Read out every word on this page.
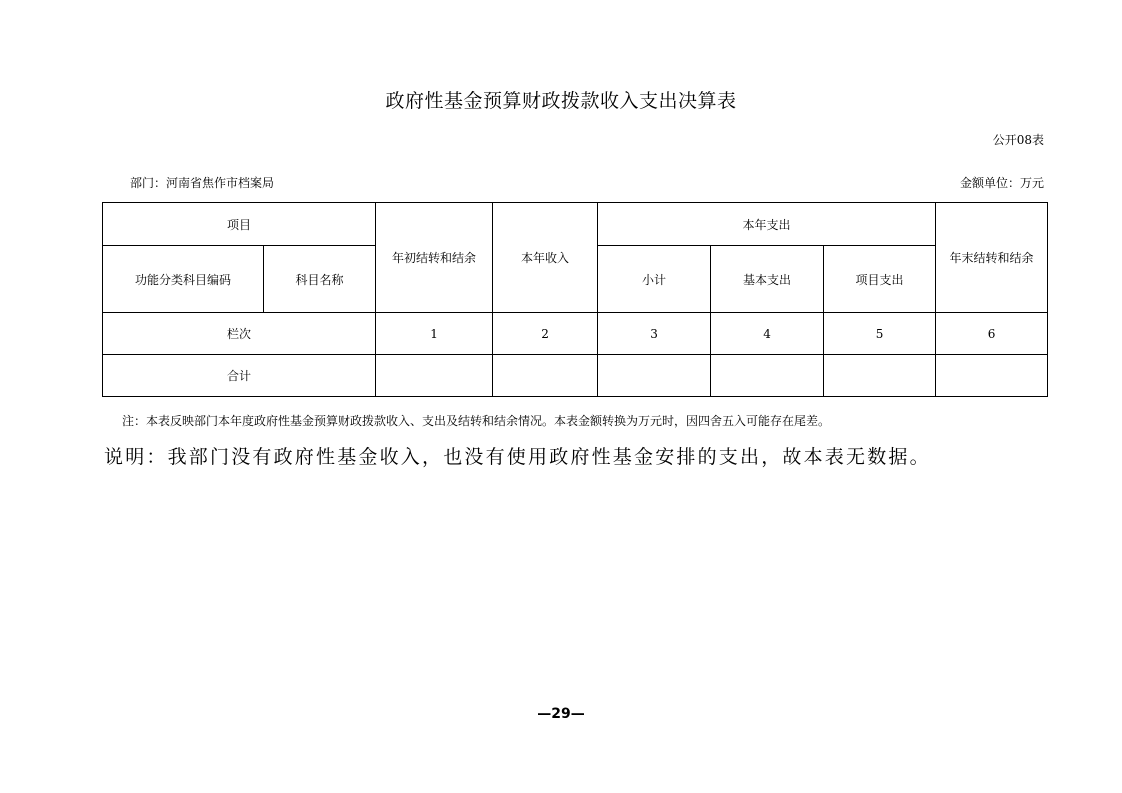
政府性基金预算财政拨款收入支出决算表
公开08表
部门：河南省焦作市档案局	金额单位：万元
项目		年初结转和结余	本年收入	本年支出			年末结转和结余
功能分类科目编码	科目名称			小计	基本支出	项目支出	
栏次		1	2	3	4	5	6
合计							
注：本表反映部门本年度政府性基金预算财政拨款收入、支出及结转和结余情况。本表金额转换为万元时，因四舍五入可能存在尾差。
说明：我部门没有政府性基金收入，也没有使用政府性基金安排的支出，故本表无数据。
—29—
